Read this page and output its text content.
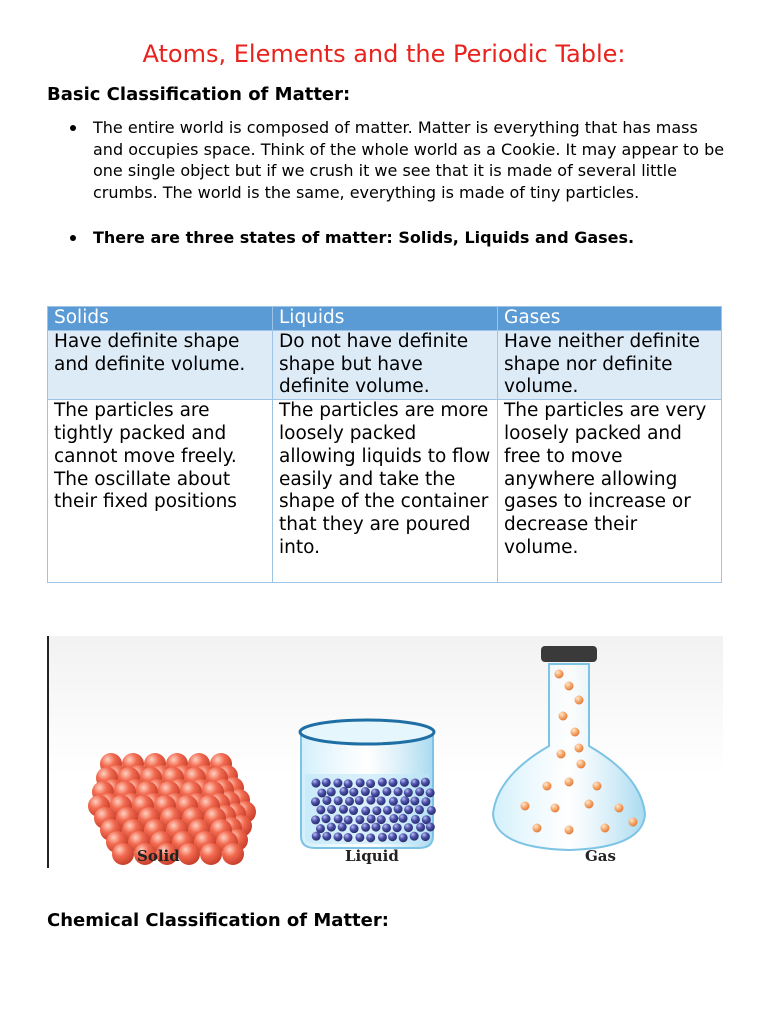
Atoms, Elements and the Periodic Table:
Basic Classification of Matter:
The entire world is composed of matter. Matter is everything that has mass and occupies space. Think of the whole world as a Cookie. It may appear to be one single object but if we crush it we see that it is made of several little crumbs. The world is the same, everything is made of tiny particles.
There are three states of matter: Solids, Liquids and Gases.
Solids	Liquids	Gases
Have definite shape and definite volume.	Do not have definite shape but have definite volume.	Have neither definite shape nor definite volume.
The particles are tightly packed and cannot move freely. The oscillate about their fixed positions	The particles are more loosely packed allowing liquids to flow easily and take the shape of the container that they are poured into.	The particles are very loosely packed and free to move anywhere allowing gases to increase or decrease their volume.
Solid	Liquid	Gas
Chemical Classification of Matter:
